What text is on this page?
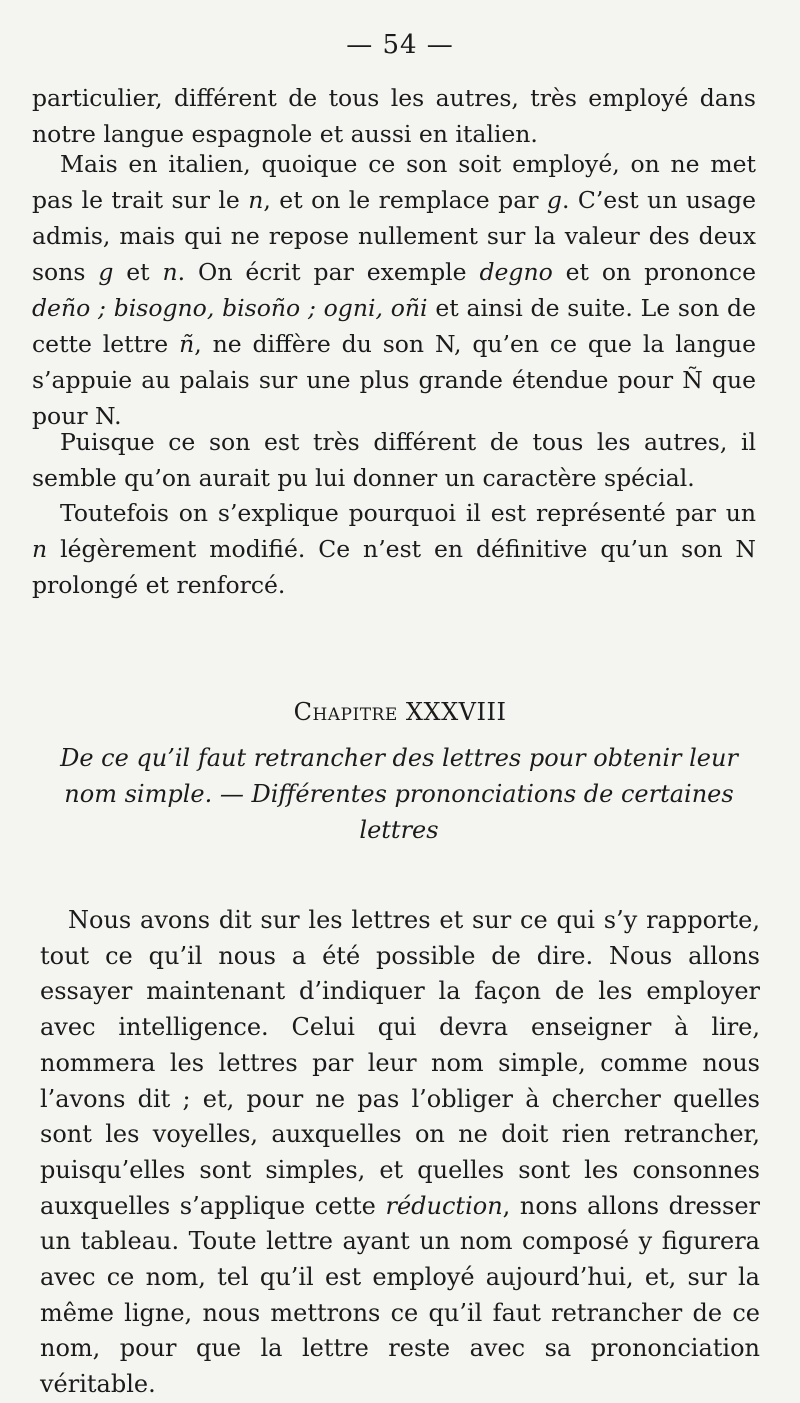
— 54 —
particulier, différent de tous les autres, très employé dans notre langue espagnole et aussi en italien.
Mais en italien, quoique ce son soit employé, on ne met pas le trait sur le n, et on le remplace par g. C’est un usage admis, mais qui ne repose nullement sur la valeur des deux sons g et n. On écrit par exemple degno et on prononce deño ; bisogno, bisoño ; ogni, oñi et ainsi de suite. Le son de cette lettre ñ, ne diffère du son N, qu’en ce que la langue s’appuie au palais sur une plus grande étendue pour Ñ que pour N.
Puisque ce son est très différent de tous les autres, il semble qu’on aurait pu lui donner un caractère spécial.
Toutefois on s’explique pourquoi il est représenté par un n légèrement modifié. Ce n’est en définitive qu’un son N prolongé et renforcé.
Chapitre XXXVIII
De ce qu’il faut retrancher des lettres pour obtenir leur nom simple. — Différentes prononciations de certaines lettres
Nous avons dit sur les lettres et sur ce qui s’y rapporte, tout ce qu’il nous a été possible de dire. Nous allons essayer maintenant d’indiquer la façon de les employer avec intelligence. Celui qui devra enseigner à lire, nommera les lettres par leur nom simple, comme nous l’avons dit ; et, pour ne pas l’obliger à chercher quelles sont les voyelles, auxquelles on ne doit rien retrancher, puisqu’elles sont simples, et quelles sont les consonnes auxquelles s’applique cette réduction, nons allons dresser un tableau. Toute lettre ayant un nom composé y figurera avec ce nom, tel qu’il est employé aujourd’hui, et, sur la même ligne, nous mettrons ce qu’il faut retrancher de ce nom, pour que la lettre reste avec sa prononciation véritable.
